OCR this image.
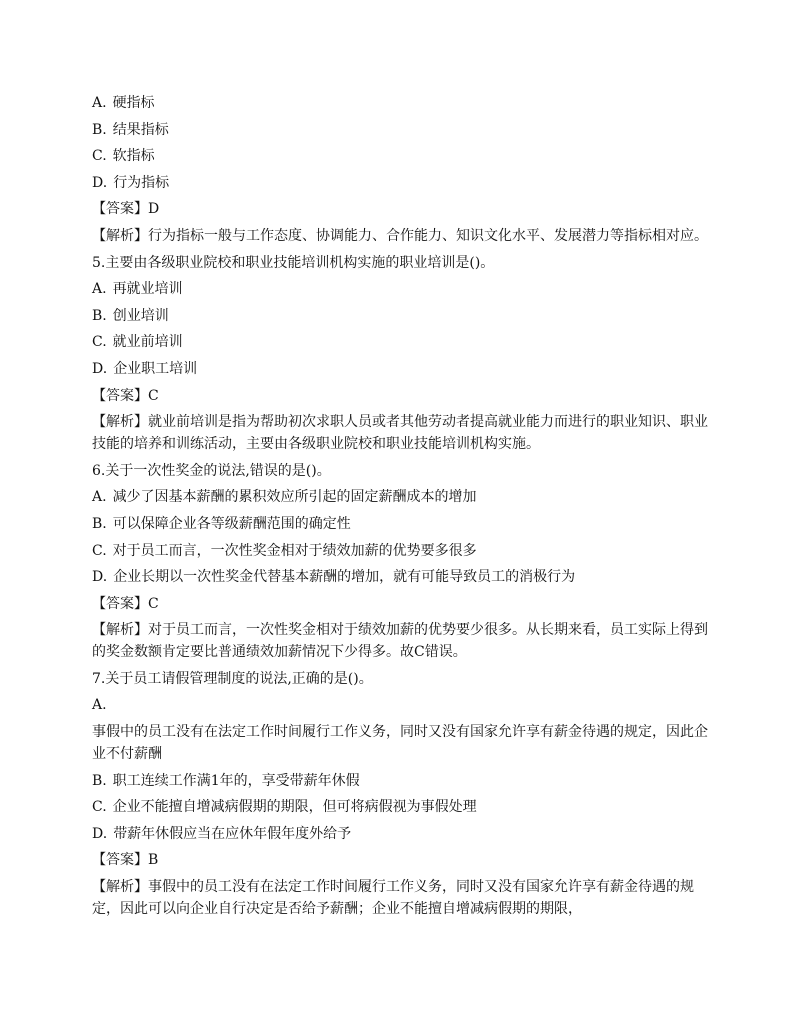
A. 硬指标
B. 结果指标
C. 软指标
D. 行为指标
【答案】D
【解析】行为指标一般与工作态度、协调能力、合作能力、知识文化水平、发展潜力等指标相对应。
5.主要由各级职业院校和职业技能培训机构实施的职业培训是()。
A. 再就业培训
B. 创业培训
C. 就业前培训
D. 企业职工培训
【答案】C
【解析】就业前培训是指为帮助初次求职人员或者其他劳动者提高就业能力而进行的职业知识、职业技能的培养和训练活动，主要由各级职业院校和职业技能培训机构实施。
6.关于一次性奖金的说法,错误的是()。
A. 减少了因基本薪酬的累积效应所引起的固定薪酬成本的增加
B. 可以保障企业各等级薪酬范围的确定性
C. 对于员工而言，一次性奖金相对于绩效加薪的优势要多很多
D. 企业长期以一次性奖金代替基本薪酬的增加，就有可能导致员工的消极行为
【答案】C
【解析】对于员工而言，一次性奖金相对于绩效加薪的优势要少很多。从长期来看，员工实际上得到的奖金数额肯定要比普通绩效加薪情况下少得多。故C错误。
7.关于员工请假管理制度的说法,正确的是()。
A.
事假中的员工没有在法定工作时间履行工作义务，同时又没有国家允许享有薪金待遇的规定，因此企业不付薪酬
B. 职工连续工作满1年的，享受带薪年休假
C. 企业不能擅自增减病假期的期限，但可将病假视为事假处理
D. 带薪年休假应当在应休年假年度外给予
【答案】B
【解析】事假中的员工没有在法定工作时间履行工作义务，同时又没有国家允许享有薪金待遇的规定，因此可以向企业自行决定是否给予薪酬；企业不能擅自增减病假期的期限，
